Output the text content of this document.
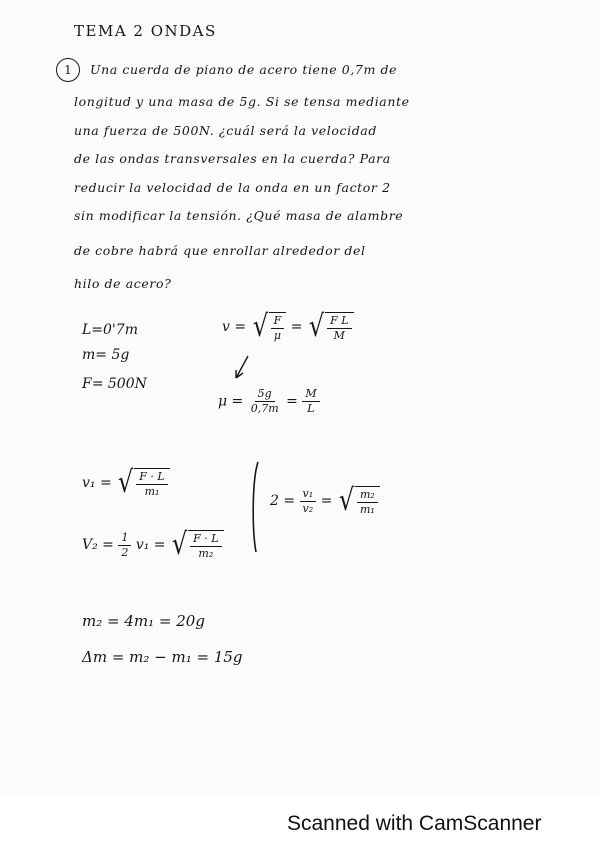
TEMA 2 ONDAS
1	Una cuerda de piano de acero tiene 0,7m de
longitud y una masa de 5g. Si se tensa mediante
una fuerza de 500N. ¿cuál será la velocidad
de las ondas transversales en la cuerda? Para
reducir la velocidad de la onda en un factor 2
sin modificar la tensión. ¿Qué masa de alambre
de cobre habrá que enrollar alrededor del
hilo de acero?
L=0'7m
m= 5g
F= 500N
v = √ $\frac{F}{\mu}$ = √ $\frac{\text{F L}}{M}$
$\mu = \frac{5g}{0,7m} = \frac{M}{L}$
v₁ = √ $\frac{F \cdot L}{\text{m₁}}$
$V_2 = \frac{1}{2} v_1$ = √ $\frac{F \cdot L}{\text{m₂}}$
$2 = \frac{\text{v₁}}{\text{v₂}}$ = √ $\frac{\text{m₂}}{\text{m₁}}$
m₂ = 4m₁ = 20g
Δm = m₂ − m₁ = 15g
Scanned with CamScanner
